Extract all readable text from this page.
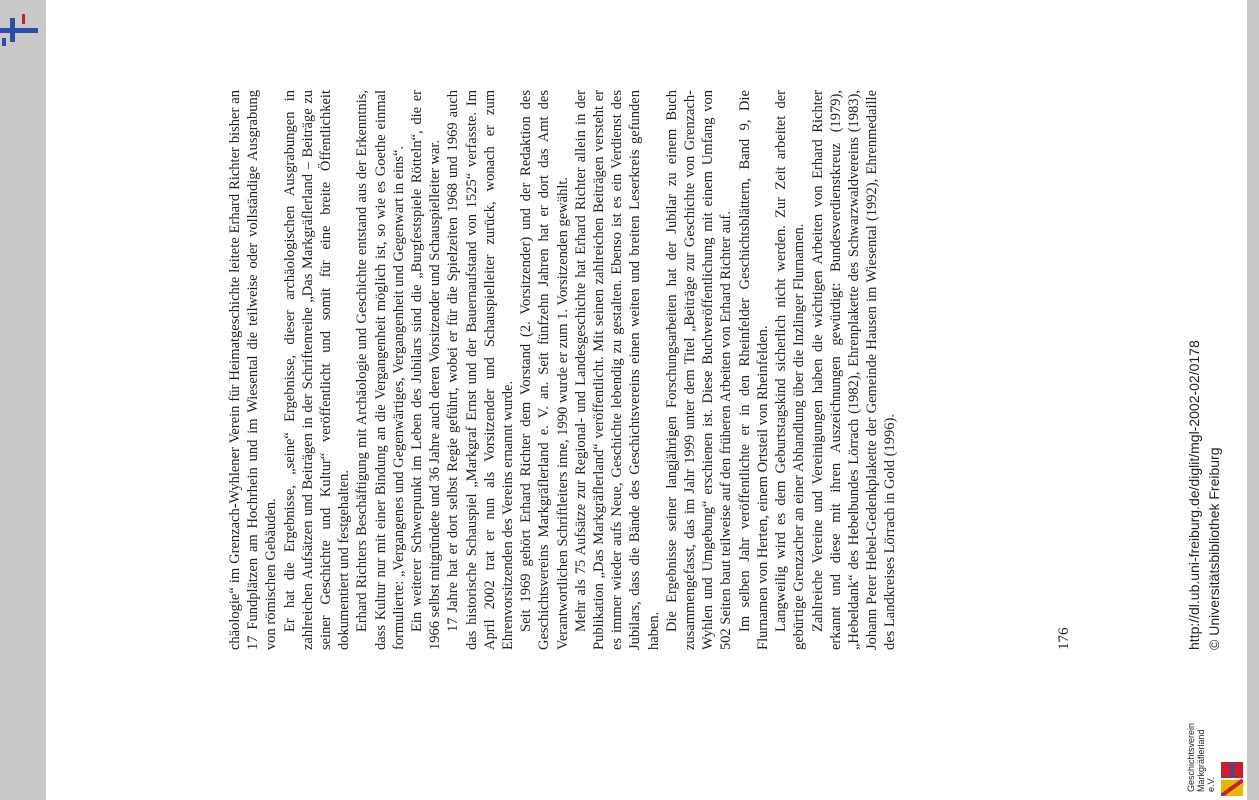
chäologie“ im Grenzach-Wyhlener Verein für Heimatgeschichte leitete Erhard Richter bisher an 17 Fundplätzen am Hochrhein und im Wiesental die teilweise oder vollständige Ausgrabung von römischen Gebäuden. Er hat die Ergebnisse, „seine“ Ergebnisse, dieser archäologischen Ausgrabungen in zahlreichen Aufsätzen und Beiträgen in der Schriftenreihe „Das Markgräflerland – Beiträge zu seiner Geschichte und Kultur“ veröffentlicht und somit für eine breite Öffentlichkeit dokumentiert und festgehalten. Erhard Richters Beschäftigung mit Archäologie und Geschichte entstand aus der Erkenntnis, dass Kultur nur mit einer Bindung an die Vergangenheit möglich ist, so wie es Goethe einmal formulierte: „Vergangenes und Gegenwärtiges, Vergangenheit und Gegenwart in eins“. Ein weiterer Schwerpunkt im Leben des Jubilars sind die „Burgfestspiele Rötteln“, die er 1966 selbst mitgründete und 36 Jahre auch deren Vorsitzender und Schauspielleiter war. 17 Jahre hat er dort selbst Regie geführt, wobei er für die Spielzeiten 1968 und 1969 auch das historische Schauspiel „Markgraf Ernst und der Bauernaufstand von 1525“ verfasste. Im April 2002 trat er nun als Vorsitzender und Schauspielleiter zurück, wonach er zum Ehrenvorsitzenden des Vereins ernannt wurde. Seit 1969 gehört Erhard Richter dem Vorstand (2. Vorsitzender) und der Redaktion des Geschichtsvereins Markgräflerland e. V. an. Seit fünfzehn Jahren hat er dort das Amt des Verantwortlichen Schriftleiters inne, 1990 wurde er zum 1. Vorsitzenden gewählt. Mehr als 75 Aufsätze zur Regional- und Landesgeschichte hat Erhard Richter allein in der Publikation „Das Markgräflerland“ veröffentlicht. Mit seinen zahlreichen Beiträgen versteht er es immer wieder aufs Neue, Geschichte lebendig zu gestalten. Ebenso ist es ein Verdienst des Jubilars, dass die Bände des Geschichtsvereins einen weiten und breiten Leserkreis gefunden haben. Die Ergebnisse seiner langjährigen Forschungsarbeiten hat der Jubilar zu einem Buch zusammengefasst, das im Jahr 1999 unter dem Titel „Beiträge zur Geschichte von Grenzach-Wyhlen und Umgebung“ erschienen ist. Diese Buchveröffentlichung mit einem Umfang von 502 Seiten baut teilweise auf den früheren Arbeiten von Erhard Richter auf. Im selben Jahr veröffentlichte er in den Rheinfelder Geschichtsblättern, Band 9, Die Flurnamen von Herten, einem Ortsteil von Rheinfelden. Langweilig wird es dem Geburtstagskind sicherlich nicht werden. Zur Zeit arbeitet der gebürtige Grenzacher an einer Abhandlung über die Inzlinger Flurnamen. Zahlreiche Vereine und Vereinigungen haben die wichtigen Arbeiten von Erhard Richter erkannt und diese mit ihren Auszeichnungen gewürdigt: Bundesverdienstkreuz (1979), „Hebeldank“ des Hebelbundes Lörrach (1982), Ehrenplakette des Schwarzwaldvereins (1983), Johann Peter Hebel-Gedenkplakette der Gemeinde Hausen im Wiesental (1992), Ehrenmedaille des Landkreises Lörrach in Gold (1996).	176	http://dl.ub.uni-freiburg.de/diglit/mgl-2002-02/0178 © Universitätsbibliothek Freiburg
Geschichtsverein Markgräflerland e.V.
